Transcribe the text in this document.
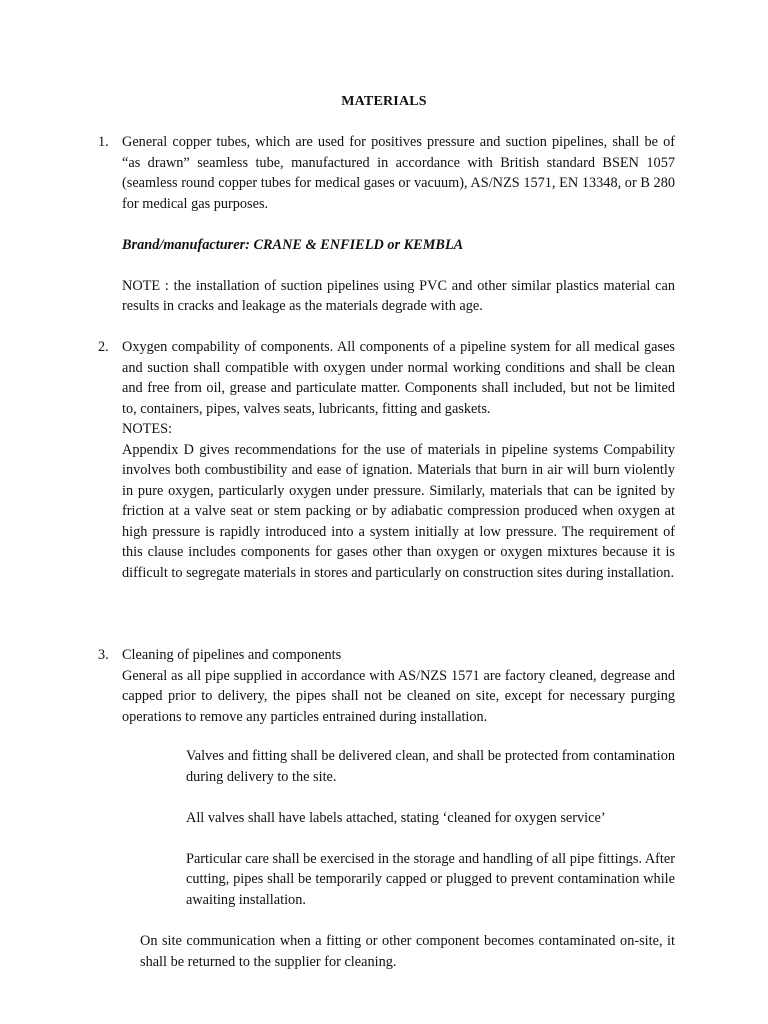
MATERIALS
1. General copper tubes, which are used for positives pressure and suction pipelines, shall be of “as drawn” seamless tube, manufactured in accordance with British standard BSEN 1057 (seamless round copper tubes for medical gases or vacuum), AS/NZS 1571, EN 13348, or B 280 for medical gas purposes.

Brand/manufacturer: CRANE & ENFIELD or KEMBLA

NOTE : the installation of suction pipelines using PVC and other similar plastics material can results in cracks and leakage as the materials degrade with age.

2. Oxygen compability of components. All components of a pipeline system for all medical gases and suction shall compatible with oxygen under normal working conditions and shall be clean and free from oil, grease and particulate matter. Components shall included, but not be limited to, containers, pipes, valves seats, lubricants, fitting and gaskets.

NOTES:

Appendix D gives recommendations for the use of materials in pipeline systems Compability involves both combustibility and ease of ignation. Materials that burn in air will burn violently in pure oxygen, particularly oxygen under pressure. Similarly, materials that can be ignited by friction at a valve seat or stem packing or by adiabatic compression produced when oxygen at high pressure is rapidly introduced into a system initially at low pressure. The requirement of this clause includes components for gases other than oxygen or oxygen mixtures because it is difficult to segregate materials in stores and particularly on construction sites during installation.

3. Cleaning of pipelines and components

General as all pipe supplied in accordance with AS/NZS 1571 are factory cleaned, degrease and capped prior to delivery, the pipes shall not be cleaned on site, except for necessary purging operations to remove any particles entrained during installation.

Valves and fitting shall be delivered clean, and shall be protected from contamination during delivery to the site.

All valves shall have labels attached, stating ‘cleaned for oxygen service’

Particular care shall be exercised in the storage and handling of all pipe fittings. After cutting, pipes shall be temporarily capped or plugged to prevent contamination while awaiting installation.

On site communication when a fitting or other component becomes contaminated on-site, it shall be returned to the supplier for cleaning.
